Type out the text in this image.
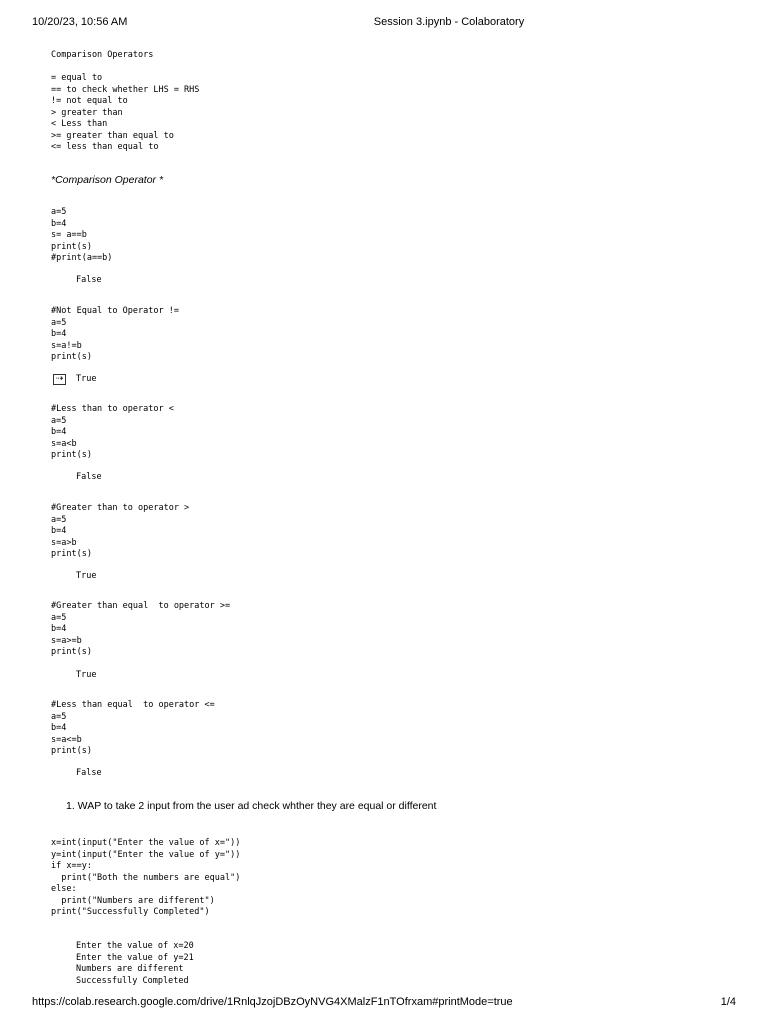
10/20/23, 10:56 AM	Session 3.ipynb - Colaboratory
Comparison Operators

= equal to
== to check whether LHS = RHS
!= not equal to
> greater than
< Less than
>= greater than equal to
<= less than equal to
*Comparison Operator *
a=5
b=4
s= a==b
print(s)
#print(a==b)
False
#Not Equal to Operator !=
a=5
b=4
s=a!=b
print(s)
⇢	True
#Less than to operator <
a=5
b=4
s=a<b
print(s)
False
#Greater than to operator >
a=5
b=4
s=a>b
print(s)
True
#Greater than equal  to operator >=
a=5
b=4
s=a>=b
print(s)
True
#Less than equal  to operator <=
a=5
b=4
s=a<=b
print(s)
False
1. WAP to take 2 input from the user ad check whther they are equal or different
x=int(input("Enter the value of x="))
y=int(input("Enter the value of y="))
if x==y:
print("Both the numbers are equal")
else:
print("Numbers are different")
print("Successfully Completed")
Enter the value of x=20
Enter the value of y=21
Numbers are different
Successfully Completed
https://colab.research.google.com/drive/1RnlqJzojDBzOyNVG4XMalzF1nTOfrxam#printMode=true	1/4
